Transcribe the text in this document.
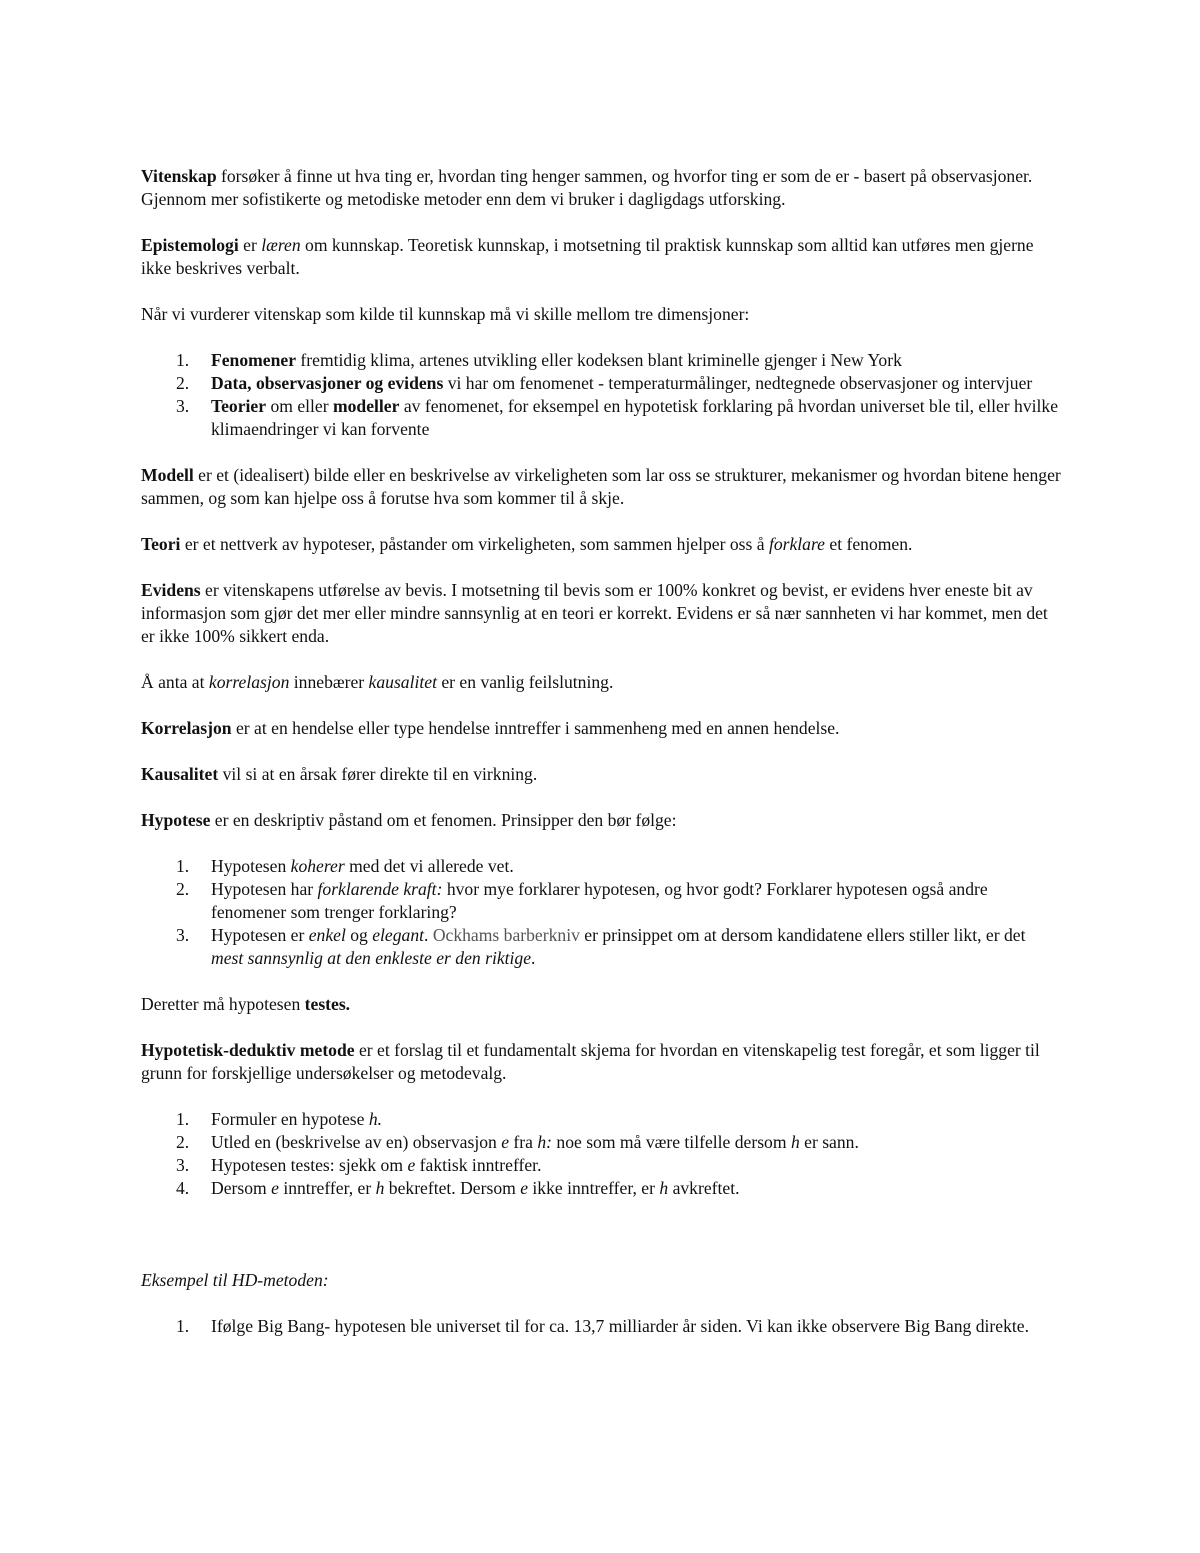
Vitenskap forsøker å finne ut hva ting er, hvordan ting henger sammen, og hvorfor ting er som de er - basert på observasjoner. Gjennom mer sofistikerte og metodiske metoder enn dem vi bruker i dagligdags utforsking.

Epistemologi er læren om kunnskap. Teoretisk kunnskap, i motsetning til praktisk kunnskap som alltid kan utføres men gjerne ikke beskrives verbalt.

Når vi vurderer vitenskap som kilde til kunnskap må vi skille mellom tre dimensjoner:

1. Fenomener fremtidig klima, artenes utvikling eller kodeksen blant kriminelle gjenger i New York
2. Data, observasjoner og evidens vi har om fenomenet - temperaturmålinger, nedtegnede observasjoner og intervjuer
3. Teorier om eller modeller av fenomenet, for eksempel en hypotetisk forklaring på hvordan universet ble til, eller hvilke klimaendringer vi kan forvente

Modell er et (idealisert) bilde eller en beskrivelse av virkeligheten som lar oss se strukturer, mekanismer og hvordan bitene henger sammen, og som kan hjelpe oss å forutse hva som kommer til å skje.

Teori er et nettverk av hypoteser, påstander om virkeligheten, som sammen hjelper oss å forklare et fenomen.

Evidens er vitenskapens utførelse av bevis. I motsetning til bevis som er 100% konkret og bevist, er evidens hver eneste bit av informasjon som gjør det mer eller mindre sannsynlig at en teori er korrekt. Evidens er så nær sannheten vi har kommet, men det er ikke 100% sikkert enda.

Å anta at korrelasjon innebærer kausalitet er en vanlig feilslutning.

Korrelasjon er at en hendelse eller type hendelse inntreffer i sammenheng med en annen hendelse.

Kausalitet vil si at en årsak fører direkte til en virkning.

Hypotese er en deskriptiv påstand om et fenomen. Prinsipper den bør følge:

1. Hypotesen koherer med det vi allerede vet.
2. Hypotesen har forklarende kraft: hvor mye forklarer hypotesen, og hvor godt? Forklarer hypotesen også andre fenomener som trenger forklaring?
3. Hypotesen er enkel og elegant. Ockhams barberkniv er prinsippet om at dersom kandidatene ellers stiller likt, er det mest sannsynlig at den enkleste er den riktige.

Deretter må hypotesen testes.

Hypotetisk-deduktiv metode er et forslag til et fundamentalt skjema for hvordan en vitenskapelig test foregår, et som ligger til grunn for forskjellige undersøkelser og metodevalg.

1. Formuler en hypotese h.
2. Utled en (beskrivelse av en) observasjon e fra h: noe som må være tilfelle dersom h er sann.
3. Hypotesen testes: sjekk om e faktisk inntreffer.
4. Dersom e inntreffer, er h bekreftet. Dersom e ikke inntreffer, er h avkreftet.

Eksempel til HD-metoden:

1. Ifølge Big Bang- hypotesen ble universet til for ca. 13,7 milliarder år siden. Vi kan ikke observere Big Bang direkte.
